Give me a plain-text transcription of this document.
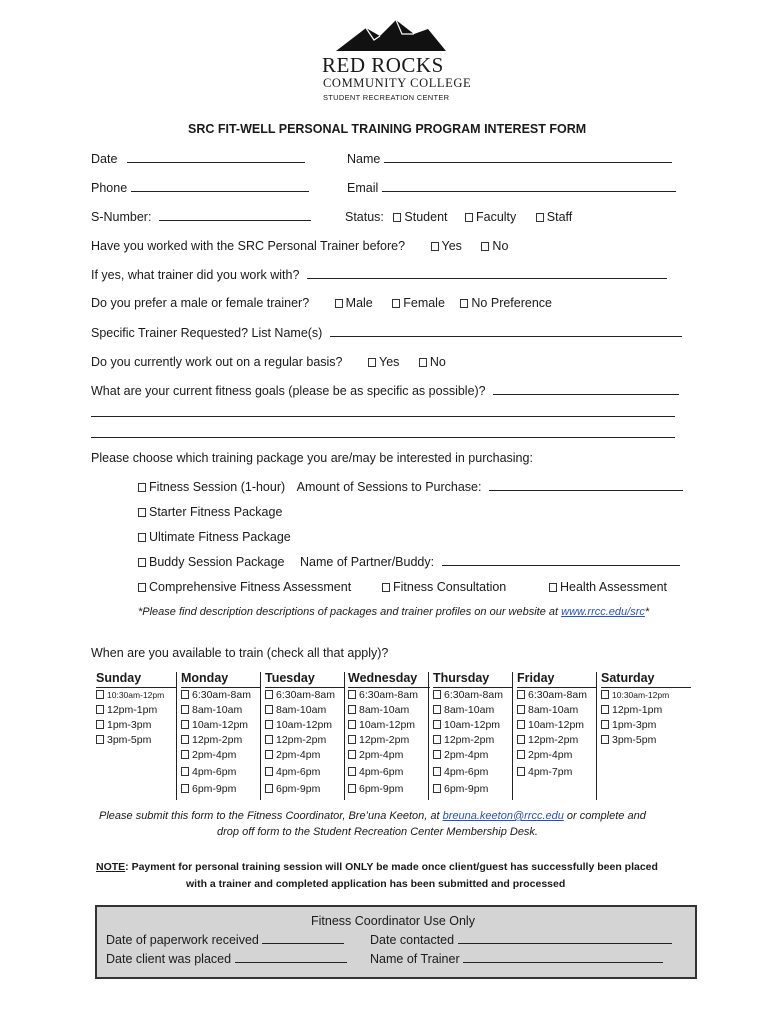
RED ROCKS
COMMUNITY COLLEGE
STUDENT RECREATION CENTER
SRC FIT-WELL PERSONAL TRAINING PROGRAM INTEREST FORM
Date	Name
Phone	Email
S-Number:	Status: Student Faculty Staff
Have you worked with the SRC Personal Trainer before?	Yes No
If yes, what trainer did you work with?
Do you prefer a male or female trainer?	Male Female No Preference
Specific Trainer Requested? List Name(s)
Do you currently work out on a regular basis?	Yes No
What are your current fitness goals (please be as specific as possible)?
Please choose which training package you are/may be interested in purchasing:
Fitness Session (1-hour) Amount of Sessions to Purchase:
Starter Fitness Package
Ultimate Fitness Package
Buddy Session Package Name of Partner/Buddy:
Comprehensive Fitness Assessment	Fitness Consultation	Health Assessment
*Please find description descriptions of packages and trainer profiles on our website at www.rrcc.edu/src*
When are you available to train (check all that apply)?
Sunday
10:30am-12pm
12pm-1pm
1pm-3pm
3pm-5pm
Monday
6:30am-8am
8am-10am
10am-12pm
12pm-2pm
2pm-4pm
4pm-6pm
6pm-9pm
Tuesday
6:30am-8am
8am-10am
10am-12pm
12pm-2pm
2pm-4pm
4pm-6pm
6pm-9pm
Wednesday
6:30am-8am
8am-10am
10am-12pm
12pm-2pm
2pm-4pm
4pm-6pm
6pm-9pm
Thursday
6:30am-8am
8am-10am
10am-12pm
12pm-2pm
2pm-4pm
4pm-6pm
6pm-9pm
Friday
6:30am-8am
8am-10am
10am-12pm
12pm-2pm
2pm-4pm
4pm-7pm
Saturday
10:30am-12pm
12pm-1pm
1pm-3pm
3pm-5pm
Please submit this form to the Fitness Coordinator, Bre’una Keeton, at breuna.keeton@rrcc.edu or complete and
drop off form to the Student Recreation Center Membership Desk.
NOTE: Payment for personal training session will ONLY be made once client/guest has successfully been placed
with a trainer and completed application has been submitted and processed
Fitness Coordinator Use Only
Date of paperwork received	Date contacted
Date client was placed	Name of Trainer
